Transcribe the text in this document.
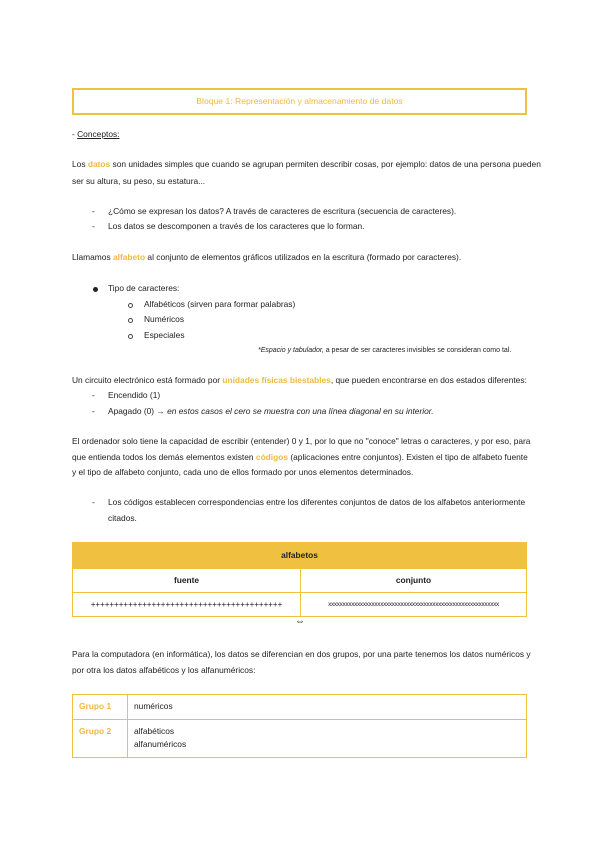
Bloque 1: Representación y almacenamiento de datos
- Conceptos:
Los datos son unidades simples que cuando se agrupan permiten describir cosas, por ejemplo: datos de una persona pueden
ser su altura, su peso, su estatura...
- ¿Cómo se expresan los datos? A través de caracteres de escritura (secuencia de caracteres).
- Los datos se descomponen a través de los caracteres que lo forman.
Llamamos alfabeto al conjunto de elementos gráficos utilizados en la escritura (formado por caracteres).
Tipo de caracteres:
Alfabéticos (sirven para formar palabras)
Numéricos
Especiales
*Espacio y tabulador, a pesar de ser caracteres invisibles se consideran como tal.
Un circuito electrónico está formado por unidades físicas biestables, que pueden encontrarse en dos estados diferentes:
- Encendido (1)
- Apagado (0) → en estos casos el cero se muestra con una línea diagonal en su interior.
El ordenador solo tiene la capacidad de escribir (entender) 0 y 1, por lo que no "conoce" letras o caracteres, y por eso, para
que entienda todos los demás elementos existen códigos (aplicaciones entre conjuntos). Existen el tipo de alfabeto fuente
y el tipo de alfabeto conjunto, cada uno de ellos formado por unos elementos determinados.
- Los códigos establecen correspondencias entre los diferentes conjuntos de datos de los alfabetos anteriormente
citados.
alfabetos	
fuente	conjunto
+++++++++++++++++++++++++++++++++++++++++	xxxxxxxxxxxxxxxxxxxxxxxxxxxxxxxxxxxxxxxxxxxxxxxxxxxxxxxxxxx
⇔
Para la computadora (en informática), los datos se diferencian en dos grupos, por una parte tenemos los datos numéricos y
por otra los datos alfabéticos y los alfanuméricos:
Grupo 1	numéricos

Grupo 2	alfabéticos
alfanuméricos
